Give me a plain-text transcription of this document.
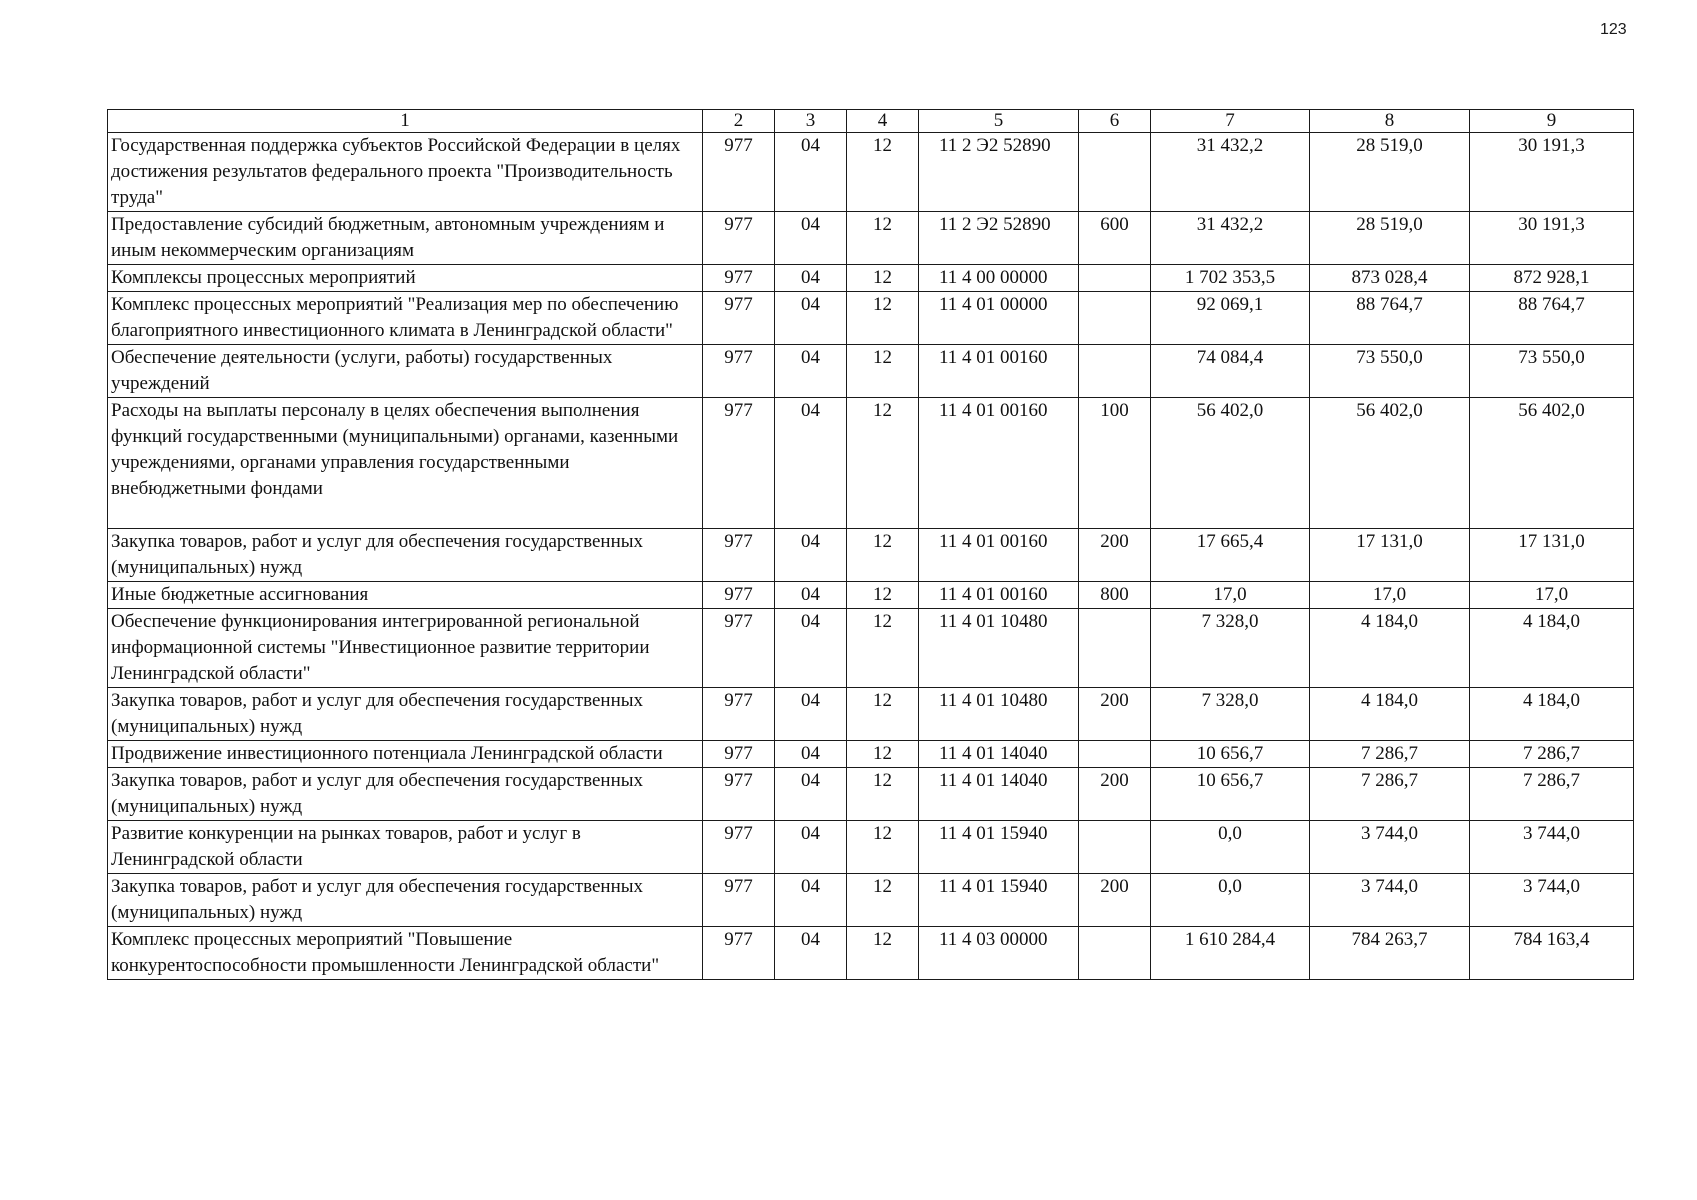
123
1	2	3	4	5	6	7	8	9
Государственная поддержка субъектов Российской Федерации в целях достижения результатов федерального проекта "Производительность труда"	977	04	12	11 2 Э2 52890		31 432,2	28 519,0	30 191,3
Предоставление субсидий бюджетным, автономным учреждениям и иным некоммерческим организациям	977	04	12	11 2 Э2 52890	600	31 432,2	28 519,0	30 191,3
Комплексы процессных мероприятий	977	04	12	11 4 00 00000		1 702 353,5	873 028,4	872 928,1
Комплекс процессных мероприятий "Реализация мер по обеспечению благоприятного инвестиционного климата в Ленинградской области"	977	04	12	11 4 01 00000		92 069,1	88 764,7	88 764,7
Обеспечение деятельности (услуги, работы) государственных учреждений	977	04	12	11 4 01 00160		74 084,4	73 550,0	73 550,0
Расходы на выплаты персоналу в целях обеспечения выполнения функций государственными (муниципальными) органами, казенными учреждениями, органами управления государственными внебюджетными фондами	977	04	12	11 4 01 00160	100	56 402,0	56 402,0	56 402,0
Закупка товаров, работ и услуг для обеспечения государственных (муниципальных) нужд	977	04	12	11 4 01 00160	200	17 665,4	17 131,0	17 131,0
Иные бюджетные ассигнования	977	04	12	11 4 01 00160	800	17,0	17,0	17,0
Обеспечение функционирования интегрированной региональной информационной системы "Инвестиционное развитие территории Ленинградской области"	977	04	12	11 4 01 10480		7 328,0	4 184,0	4 184,0
Закупка товаров, работ и услуг для обеспечения государственных (муниципальных) нужд	977	04	12	11 4 01 10480	200	7 328,0	4 184,0	4 184,0
Продвижение инвестиционного потенциала Ленинградской области	977	04	12	11 4 01 14040		10 656,7	7 286,7	7 286,7
Закупка товаров, работ и услуг для обеспечения государственных (муниципальных) нужд	977	04	12	11 4 01 14040	200	10 656,7	7 286,7	7 286,7
Развитие конкуренции на рынках товаров, работ и услуг в Ленинградской области	977	04	12	11 4 01 15940		0,0	3 744,0	3 744,0
Закупка товаров, работ и услуг для обеспечения государственных (муниципальных) нужд	977	04	12	11 4 01 15940	200	0,0	3 744,0	3 744,0
Комплекс процессных мероприятий "Повышение конкурентоспособности промышленности Ленинградской области"	977	04	12	11 4 03 00000		1 610 284,4	784 263,7	784 163,4
